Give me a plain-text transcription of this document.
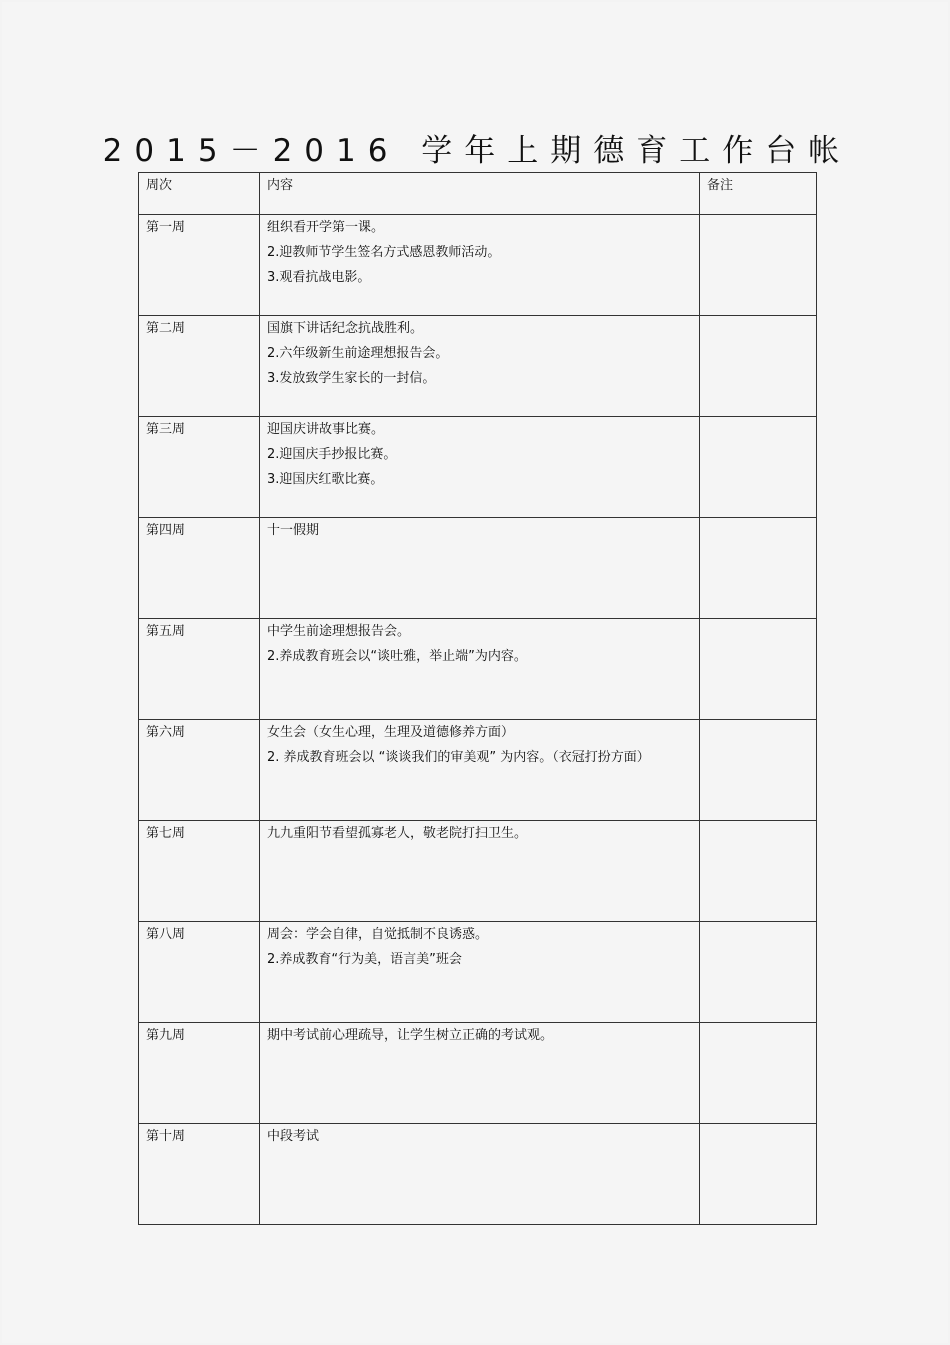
2015－2016 学年上期德育工作台帐
周次	内容	备注
第一周	组织看开学第一课。
2.迎教师节学生签名方式感恩教师活动。
3.观看抗战电影。	

第二周	国旗下讲话纪念抗战胜利。
2.六年级新生前途理想报告会。
3.发放致学生家长的一封信。	

第三周	迎国庆讲故事比赛。
2.迎国庆手抄报比赛。
3.迎国庆红歌比赛。	

第四周	十一假期	

第五周	中学生前途理想报告会。
2.养成教育班会以“谈吐雅，举止端”为内容。	

第六周	女生会（女生心理，生理及道德修养方面）
2. 养成教育班会以 “谈谈我们的审美观” 为内容。（衣冠打扮方面）	

第七周	九九重阳节看望孤寡老人，敬老院打扫卫生。	

第八周	周会：学会自律，自觉抵制不良诱惑。
2.养成教育“行为美，语言美”班会	

第九周	期中考试前心理疏导，让学生树立正确的考试观。	

第十周	中段考试	
